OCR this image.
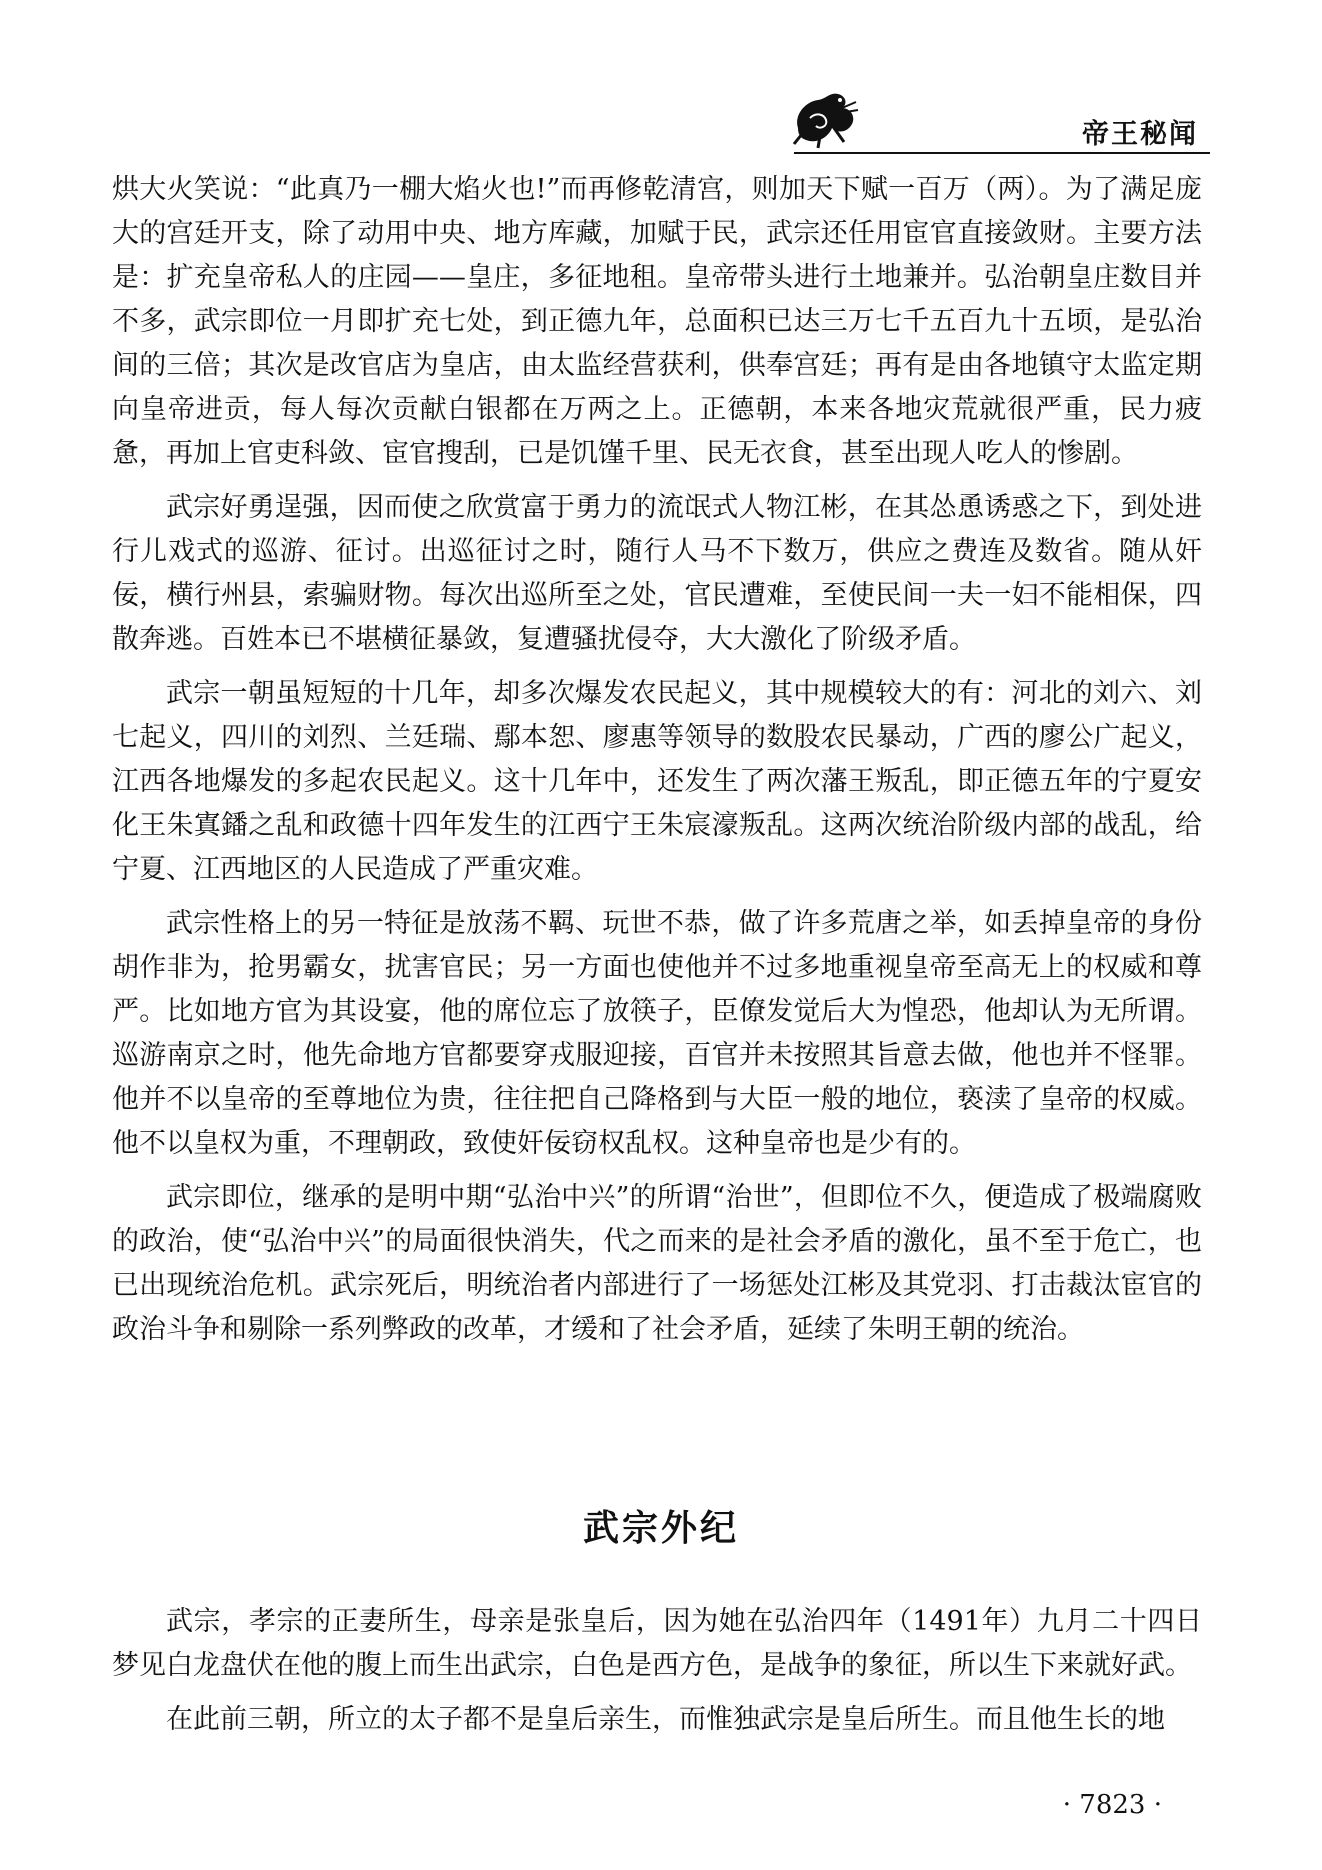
帝王秘闻

烘大火笑说：“此真乃一棚大焰火也!”而再修乾清宫，则加天下赋一百万（两）。为了满足庞大的宫廷开支，除了动用中央、地方库藏，加赋于民，武宗还任用宦官直接敛财。主要方法是：扩充皇帝私人的庄园——皇庄，多征地租。皇帝带头进行土地兼并。弘治朝皇庄数目并不多，武宗即位一月即扩充七处，到正德九年，总面积已达三万七千五百九十五顷，是弘治间的三倍；其次是改官店为皇店，由太监经营获利，供奉宫廷；再有是由各地镇守太监定期向皇帝进贡，每人每次贡献白银都在万两之上。正德朝，本来各地灾荒就很严重，民力疲惫，再加上官吏科敛、宦官搜刮，已是饥馑千里、民无衣食，甚至出现人吃人的惨剧。

武宗好勇逞强，因而使之欣赏富于勇力的流氓式人物江彬，在其怂恿诱惑之下，到处进行儿戏式的巡游、征讨。出巡征讨之时，随行人马不下数万，供应之费连及数省。随从奸佞，横行州县，索骗财物。每次出巡所至之处，官民遭难，至使民间一夫一妇不能相保，四散奔逃。百姓本已不堪横征暴敛，复遭骚扰侵夺，大大激化了阶级矛盾。

武宗一朝虽短短的十几年，却多次爆发农民起义，其中规模较大的有：河北的刘六、刘七起义，四川的刘烈、兰廷瑞、鄢本恕、廖惠等领导的数股农民暴动，广西的廖公广起义，江西各地爆发的多起农民起义。这十几年中，还发生了两次藩王叛乱，即正德五年的宁夏安化王朱寘鐇之乱和政德十四年发生的江西宁王朱宸濠叛乱。这两次统治阶级内部的战乱，给宁夏、江西地区的人民造成了严重灾难。

武宗性格上的另一特征是放荡不羁、玩世不恭，做了许多荒唐之举，如丢掉皇帝的身份胡作非为，抢男霸女，扰害官民；另一方面也使他并不过多地重视皇帝至高无上的权威和尊严。比如地方官为其设宴，他的席位忘了放筷子，臣僚发觉后大为惶恐，他却认为无所谓。巡游南京之时，他先命地方官都要穿戎服迎接，百官并未按照其旨意去做，他也并不怪罪。他并不以皇帝的至尊地位为贵，往往把自己降格到与大臣一般的地位，亵渎了皇帝的权威。他不以皇权为重，不理朝政，致使奸佞窃权乱权。这种皇帝也是少有的。

武宗即位，继承的是明中期“弘治中兴”的所谓“治世”，但即位不久，便造成了极端腐败的政治，使“弘治中兴”的局面很快消失，代之而来的是社会矛盾的激化，虽不至于危亡，也已出现统治危机。武宗死后，明统治者内部进行了一场惩处江彬及其党羽、打击裁汰宦官的政治斗争和剔除一系列弊政的改革，才缓和了社会矛盾，延续了朱明王朝的统治。

武宗外纪

武宗，孝宗的正妻所生，母亲是张皇后，因为她在弘治四年（1491年）九月二十四日梦见白龙盘伏在他的腹上而生出武宗，白色是西方色，是战争的象征，所以生下来就好武。

在此前三朝，所立的太子都不是皇后亲生，而惟独武宗是皇后所生。而且他生长的地

· 7823 ·
